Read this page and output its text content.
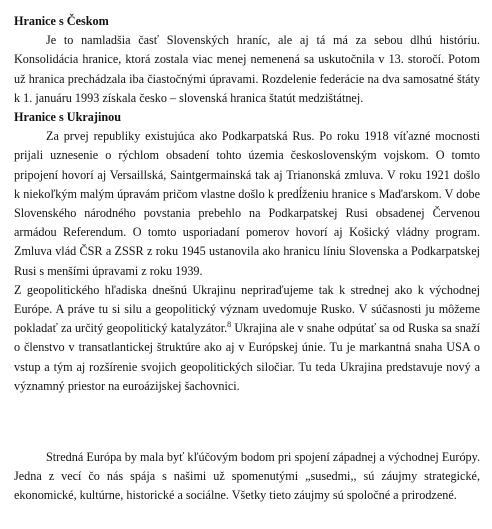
Hranice s Českom

Je to namladšia časť Slovenských hraníc, ale aj tá má za sebou dlhú históriu. Konsolidácia hranice, ktorá zostala viac menej nemenená sa uskutočnila v 13. storočí. Potom už hranica prechádzala iba čiastočnými úpravami. Rozdelenie federácie na dva samosatné štáty k 1. januáru 1993 získala česko – slovenská hranica štatút medzištátnej.

Hranice s Ukrajinou

Za prvej republiky existujúca ako Podkarpatská Rus. Po roku 1918 víťazné mocnosti prijali uznesenie o rýchlom obsadení tohto územia československým vojskom. O tomto pripojení hovorí aj Versaillská, Saintgermainská tak aj Trianonská zmluva. V roku 1921 došlo k niekoľkým malým úpravám pričom vlastne došlo k predĺženiu hranice s Maďarskom. V dobe Slovenského národného povstania prebehlo na Podkarpatskej Rusi obsadenej Červenou armádou Referendum. O tomto usporiadaní pomerov hovorí aj Košický vládny program. Zmluva vlád ČSR a ZSSR z roku 1945 ustanovila ako hranicu líniu Slovenska a Podkarpatskej Rusi s menšími úpravami z roku 1939.

Z geopolitického hľadiska dnešnú Ukrajinu nepriraďujeme tak k strednej ako k východnej Európe. A práve tu si silu a geopolitický význam uvedomuje Rusko. V súčasnosti ju môžeme pokladať za určitý geopolitický katalyzátor.$^8$ Ukrajina ale v snahe odpútať sa od Ruska sa snaží o členstvo v transatlantickej štruktúre ako aj v Európskej únie. Tu je markantná snaha USA o vstup a tým aj rozšírenie svojich geopolitických siločiar. Tu teda Ukrajina predstavuje nový a významný priestor na euroázijskej šachovnici.

Stredná Európa by mala byť kľúčovým bodom pri spojení západnej a východnej Európy. Jedna z vecí čo nás spája s našimi už spomenutými „susedmi,, sú záujmy strategické, ekonomické, kultúrne, historické a sociálne. Všetky tieto záujmy sú spoločné a prirodzené.
